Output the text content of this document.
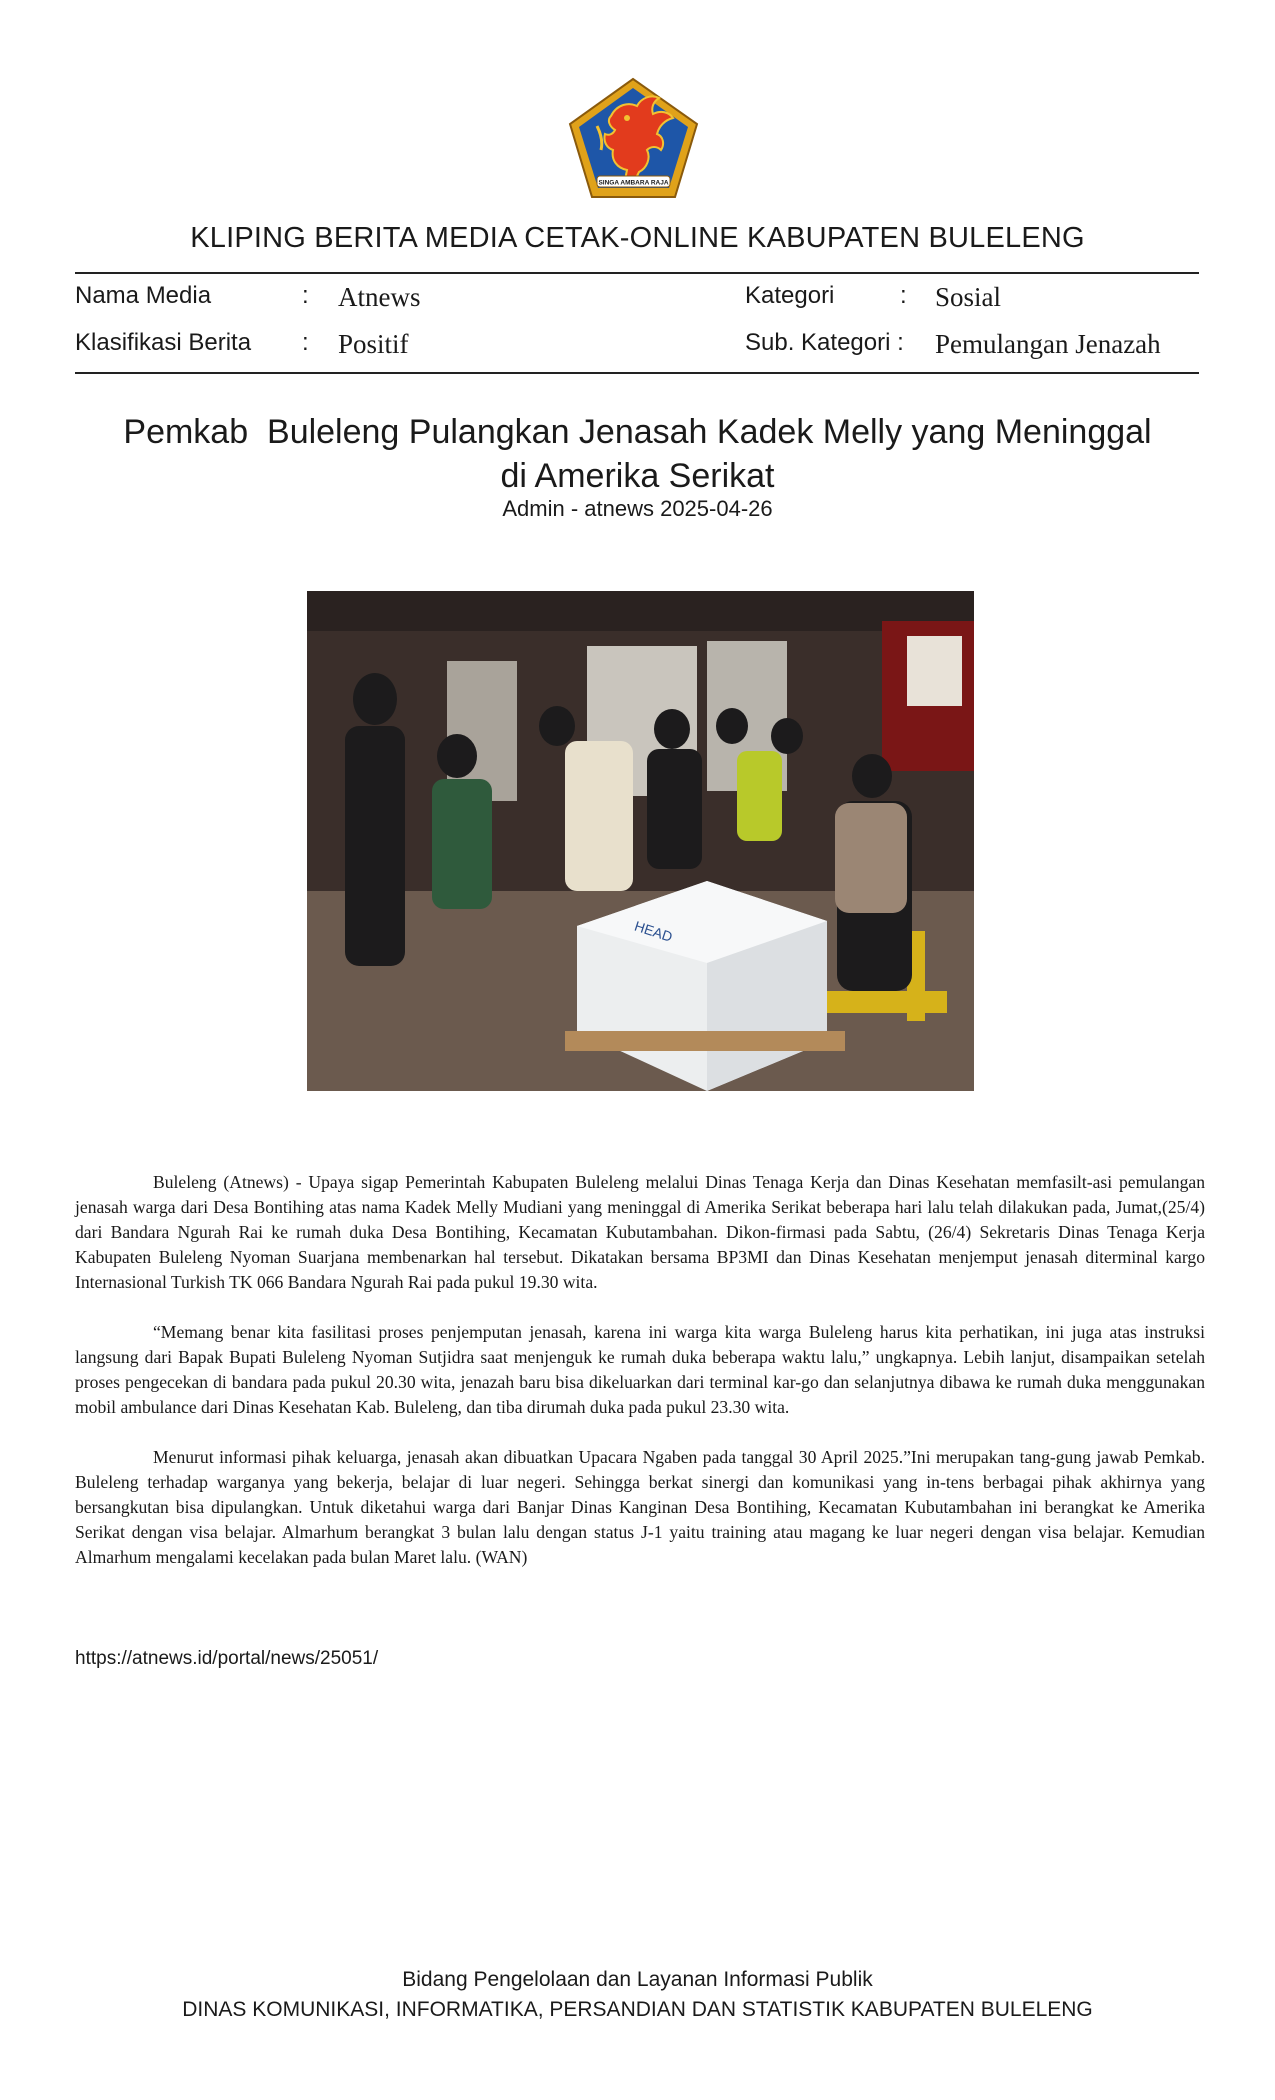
SINGA AMBARA RAJA
KLIPING BERITA MEDIA CETAK-ONLINE KABUPATEN BULELENG
Nama Media	: Atnews	Kategori	: Sosial
Klasifikasi Berita : Positif	Sub. Kategori : Pemulangan Jenazah
Pemkab  Buleleng Pulangkan Jenasah Kadek Melly yang Meninggal
di Amerika Serikat
Admin - atnews 2025-04-26
HEAD

Buleleng (Atnews) - Upaya sigap Pemerintah Kabupaten Buleleng melalui Dinas Tenaga Kerja dan Dinas Kesehatan memfasilt-asi pemulangan jenasah warga dari Desa Bontihing atas nama Kadek Melly Mudiani yang meninggal di Amerika Serikat beberapa hari lalu telah dilakukan pada, Jumat,(25/4) dari Bandara Ngurah Rai ke rumah duka Desa Bontihing, Kecamatan Kubutambahan. Dikon-firmasi pada Sabtu, (26/4) Sekretaris Dinas Tenaga Kerja Kabupaten Buleleng Nyoman Suarjana membenarkan hal tersebut. Dikatakan bersama BP3MI dan Dinas Kesehatan menjemput jenasah diterminal kargo Internasional Turkish TK 066 Bandara Ngurah Rai pada pukul 19.30 wita.

“Memang benar kita fasilitasi proses penjemputan jenasah, karena ini warga kita warga Buleleng harus kita perhatikan, ini juga atas instruksi langsung dari Bapak Bupati Buleleng Nyoman Sutjidra saat menjenguk ke rumah duka beberapa waktu lalu,” ungkapnya. Lebih lanjut, disampaikan setelah proses pengecekan di bandara pada pukul 20.30 wita, jenazah baru bisa dikeluarkan dari terminal kar-go dan selanjutnya dibawa ke rumah duka menggunakan mobil ambulance dari Dinas Kesehatan Kab. Buleleng, dan tiba dirumah duka pada pukul 23.30 wita.

Menurut informasi pihak keluarga, jenasah akan dibuatkan Upacara Ngaben pada tanggal 30 April 2025.”Ini merupakan tang-gung jawab Pemkab. Buleleng terhadap warganya yang bekerja, belajar di luar negeri. Sehingga berkat sinergi dan komunikasi yang in-tens berbagai pihak akhirnya yang bersangkutan bisa dipulangkan. Untuk diketahui warga dari Banjar Dinas Kanginan Desa Bontihing, Kecamatan Kubutambahan ini berangkat ke Amerika Serikat dengan visa belajar. Almarhum berangkat 3 bulan lalu dengan status J-1 yaitu training atau magang ke luar negeri dengan visa belajar. Kemudian Almarhum mengalami kecelakan pada bulan Maret lalu. (WAN)

https://atnews.id/portal/news/25051/
Bidang Pengelolaan dan Layanan Informasi Publik
DINAS KOMUNIKASI, INFORMATIKA, PERSANDIAN DAN STATISTIK KABUPATEN BULELENG
